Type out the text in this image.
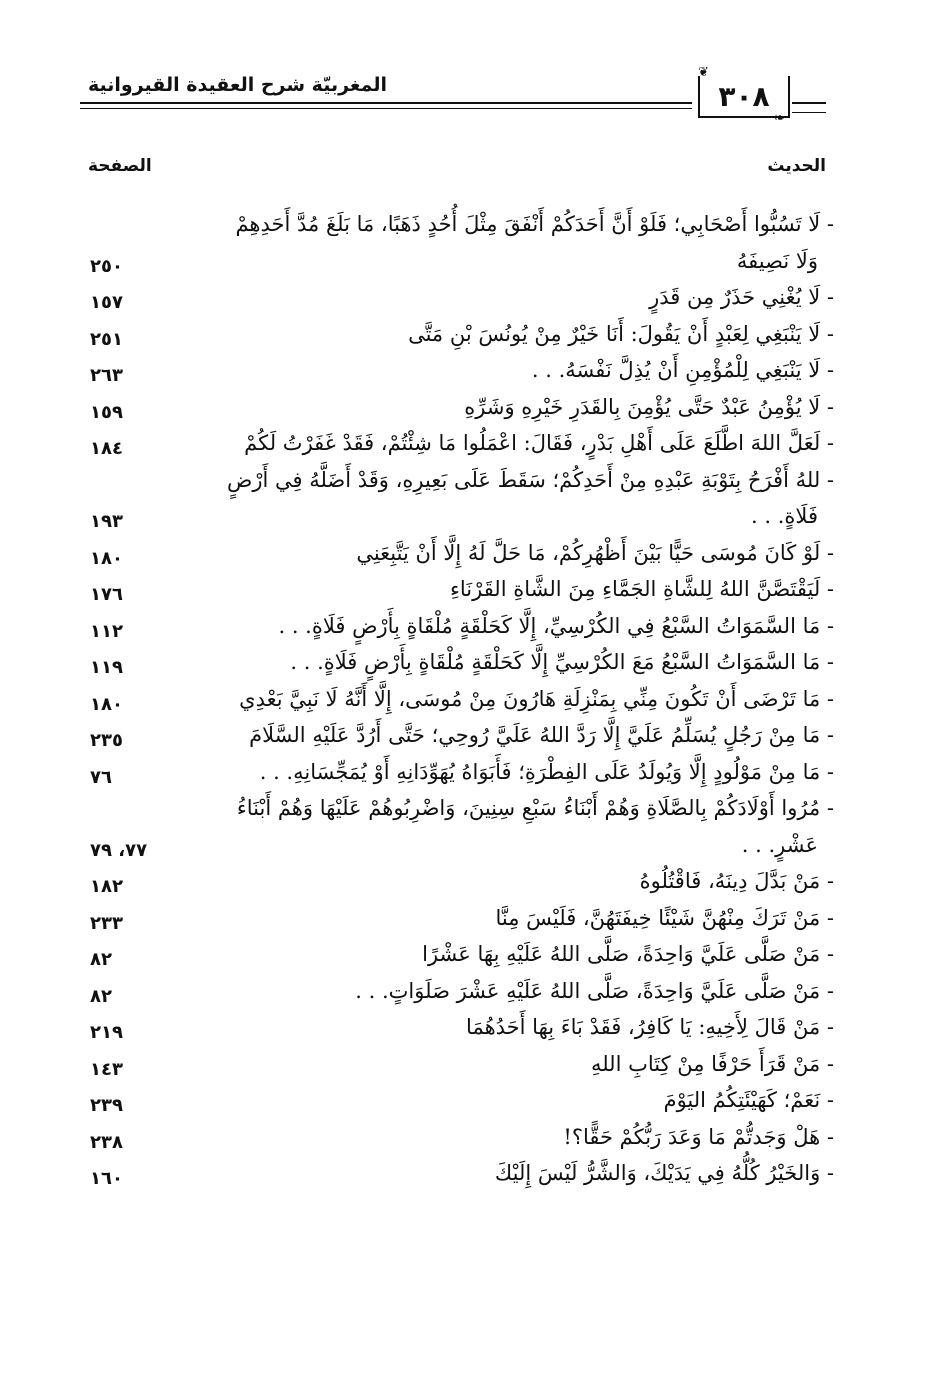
المغربيّة شرح العقيدة القيروانية
❦
٣٠٨
❧
الحديث
الصفحة
- لَا تَسُبُّوا أَصْحَابِي؛ فَلَوْ أَنَّ أَحَدَكُمْ أَنْفَقَ مِثْلَ أُحُدٍ ذَهَبًا، مَا بَلَغَ مُدَّ أَحَدِهِمْ
وَلَا نَصِيفَهُ
٢٥٠
- لَا يُغْنِي حَذَرٌ مِن قَدَرٍ
١٥٧
- لَا يَنْبَغِي لِعَبْدٍ أَنْ يَقُولَ: أَنَا خَيْرٌ مِنْ يُونُسَ بْنِ مَتَّى
٢٥١
- لَا يَنْبَغِي لِلْمُؤْمِنِ أَنْ يُذِلَّ نَفْسَهُ. . .
٢٦٣
- لَا يُؤْمِنُ عَبْدٌ حَتَّى يُؤْمِنَ بِالقَدَرِ خَيْرِهِ وَشَرِّهِ
١٥٩
- لَعَلَّ اللهَ اطَّلَعَ عَلَى أَهْلِ بَدْرٍ، فَقَالَ: اعْمَلُوا مَا شِئْتُمْ، فَقَدْ غَفَرْتُ لَكُمْ
١٨٤
- للهُ أَفْرَحُ بِتَوْبَةِ عَبْدِهِ مِنْ أَحَدِكُمْ؛ سَقَطَ عَلَى بَعِيرِهِ، وَقَدْ أَضَلَّهُ فِي أَرْضٍ
فَلَاةٍ. . .
١٩٣
- لَوْ كَانَ مُوسَى حَيًّا بَيْنَ أَظْهُرِكُمْ، مَا حَلَّ لَهُ إِلَّا أَنْ يَتَّبِعَنِي
١٨٠
- لَيَقْتَصَّنَّ اللهُ لِلشَّاةِ الجَمَّاءِ مِنَ الشَّاةِ القَرْنَاءِ
١٧٦
- مَا السَّمَوَاتُ السَّبْعُ فِي الكُرْسِيِّ، إِلَّا كَحَلْقَةٍ مُلْقَاةٍ بِأَرْضٍ فَلَاةٍ. . .
١١٢
- مَا السَّمَوَاتُ السَّبْعُ مَعَ الكُرْسِيِّ إِلَّا كَحَلْقَةٍ مُلْقَاةٍ بِأَرْضٍ فَلَاةٍ. . .
١١٩
- مَا تَرْضَى أَنْ تَكُونَ مِنِّي بِمَنْزِلَةِ هَارُونَ مِنْ مُوسَى، إِلَّا أَنَّهُ لَا نَبِيَّ بَعْدِي
١٨٠
- مَا مِنْ رَجُلٍ يُسَلِّمُ عَلَيَّ إِلَّا رَدَّ اللهُ عَلَيَّ رُوحِي؛ حَتَّى أَرُدَّ عَلَيْهِ السَّلَامَ
٢٣٥
- مَا مِنْ مَوْلُودٍ إِلَّا وَيُولَدُ عَلَى الفِطْرَةِ؛ فَأَبَوَاهُ يُهَوِّدَانِهِ أَوْ يُمَجِّسَانِهِ. . .
٧٦
- مُرُوا أَوْلَادَكُمْ بِالصَّلَاةِ وَهُمْ أَبْنَاءُ سَبْعِ سِنِينَ، وَاضْرِبُوهُمْ عَلَيْهَا وَهُمْ أَبْنَاءُ
عَشْرٍ. . .
٧٧، ٧٩
- مَنْ بَدَّلَ دِينَهُ، فَاقْتُلُوهُ
١٨٢
- مَنْ تَرَكَ مِنْهُنَّ شَيْئًا خِيفَتَهُنَّ، فَلَيْسَ مِنَّا
٢٣٣
- مَنْ صَلَّى عَلَيَّ وَاحِدَةً، صَلَّى اللهُ عَلَيْهِ بِهَا عَشْرًا
٨٢
- مَنْ صَلَّى عَلَيَّ وَاحِدَةً، صَلَّى اللهُ عَلَيْهِ عَشْرَ صَلَوَاتٍ. . .
٨٢
- مَنْ قَالَ لِأَخِيهِ: يَا كَافِرُ، فَقَدْ بَاءَ بِهَا أَحَدُهُمَا
٢١٩
- مَنْ قَرَأَ حَرْفًا مِنْ كِتَابِ اللهِ
١٤٣
- نَعَمْ؛ كَهَيْئَتِكُمُ اليَوْمَ
٢٣٩
- هَلْ وَجَدتُّمْ مَا وَعَدَ رَبُّكُمْ حَقًّا؟!
٢٣٨
- وَالخَيْرُ كُلُّهُ فِي يَدَيْكَ، وَالشَّرُّ لَيْسَ إِلَيْكَ
١٦٠
